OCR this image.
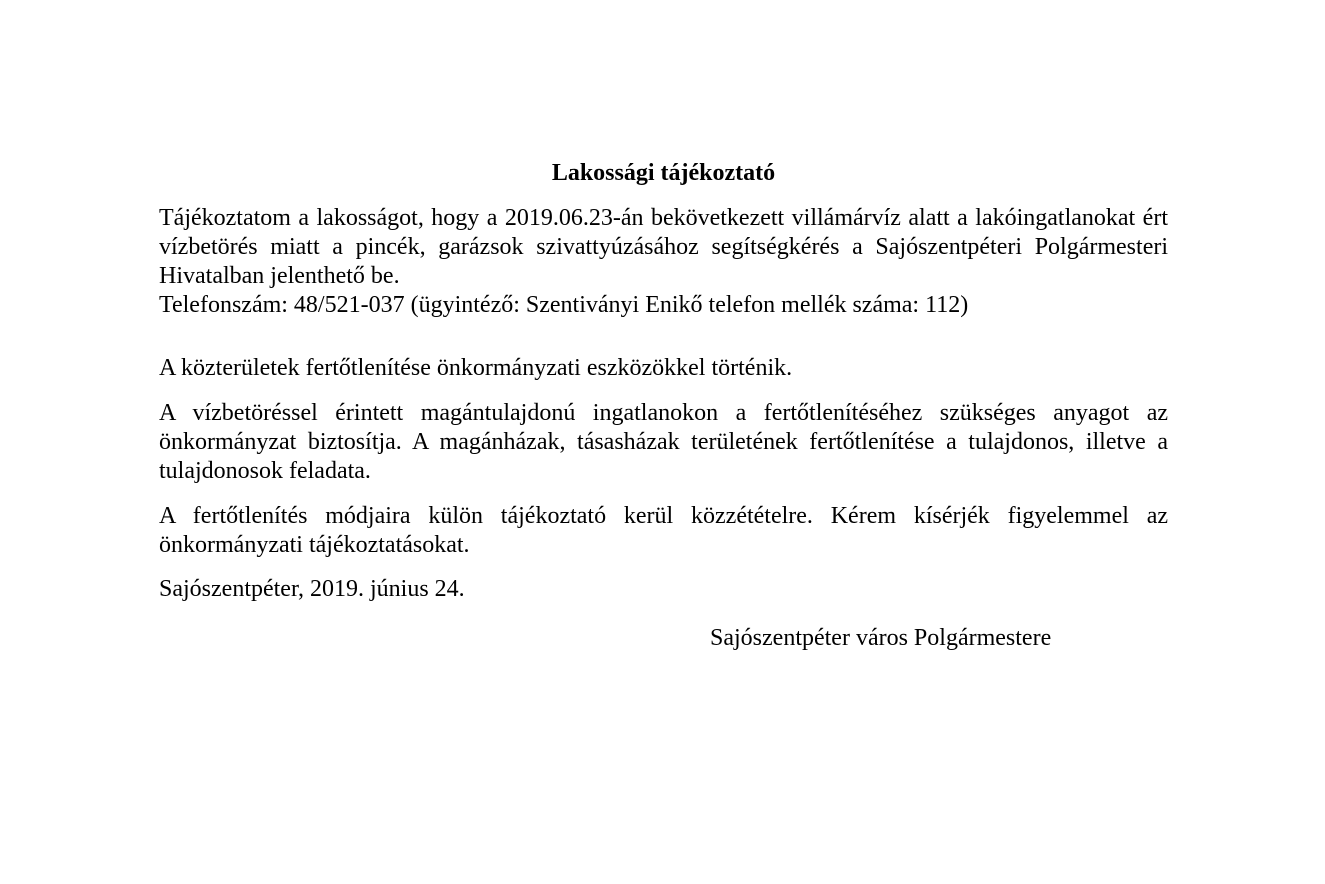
Lakossági tájékoztató

Tájékoztatom a lakosságot, hogy a 2019.06.23-án bekövetkezett villámárvíz alatt a lakóingatlanokat ért vízbetörés miatt a pincék, garázsok szivattyúzásához segítségkérés a Sajószentpéteri Polgármesteri Hivatalban jelenthető be.

Telefonszám: 48/521-037 (ügyintéző: Szentiványi Enikő telefon mellék száma: 112)

A közterületek fertőtlenítése önkormányzati eszközökkel történik.

A vízbetöréssel érintett magántulajdonú ingatlanokon a fertőtlenítéséhez szükséges anyagot az önkormányzat biztosítja. A magánházak, tásasházak területének fertőtlenítése a tulajdonos, illetve a tulajdonosok feladata.

A fertőtlenítés módjaira külön tájékoztató kerül közzétételre. Kérem kísérjék figyelemmel az önkormányzati tájékoztatásokat.

Sajószentpéter, 2019. június 24.

Sajószentpéter város Polgármestere
